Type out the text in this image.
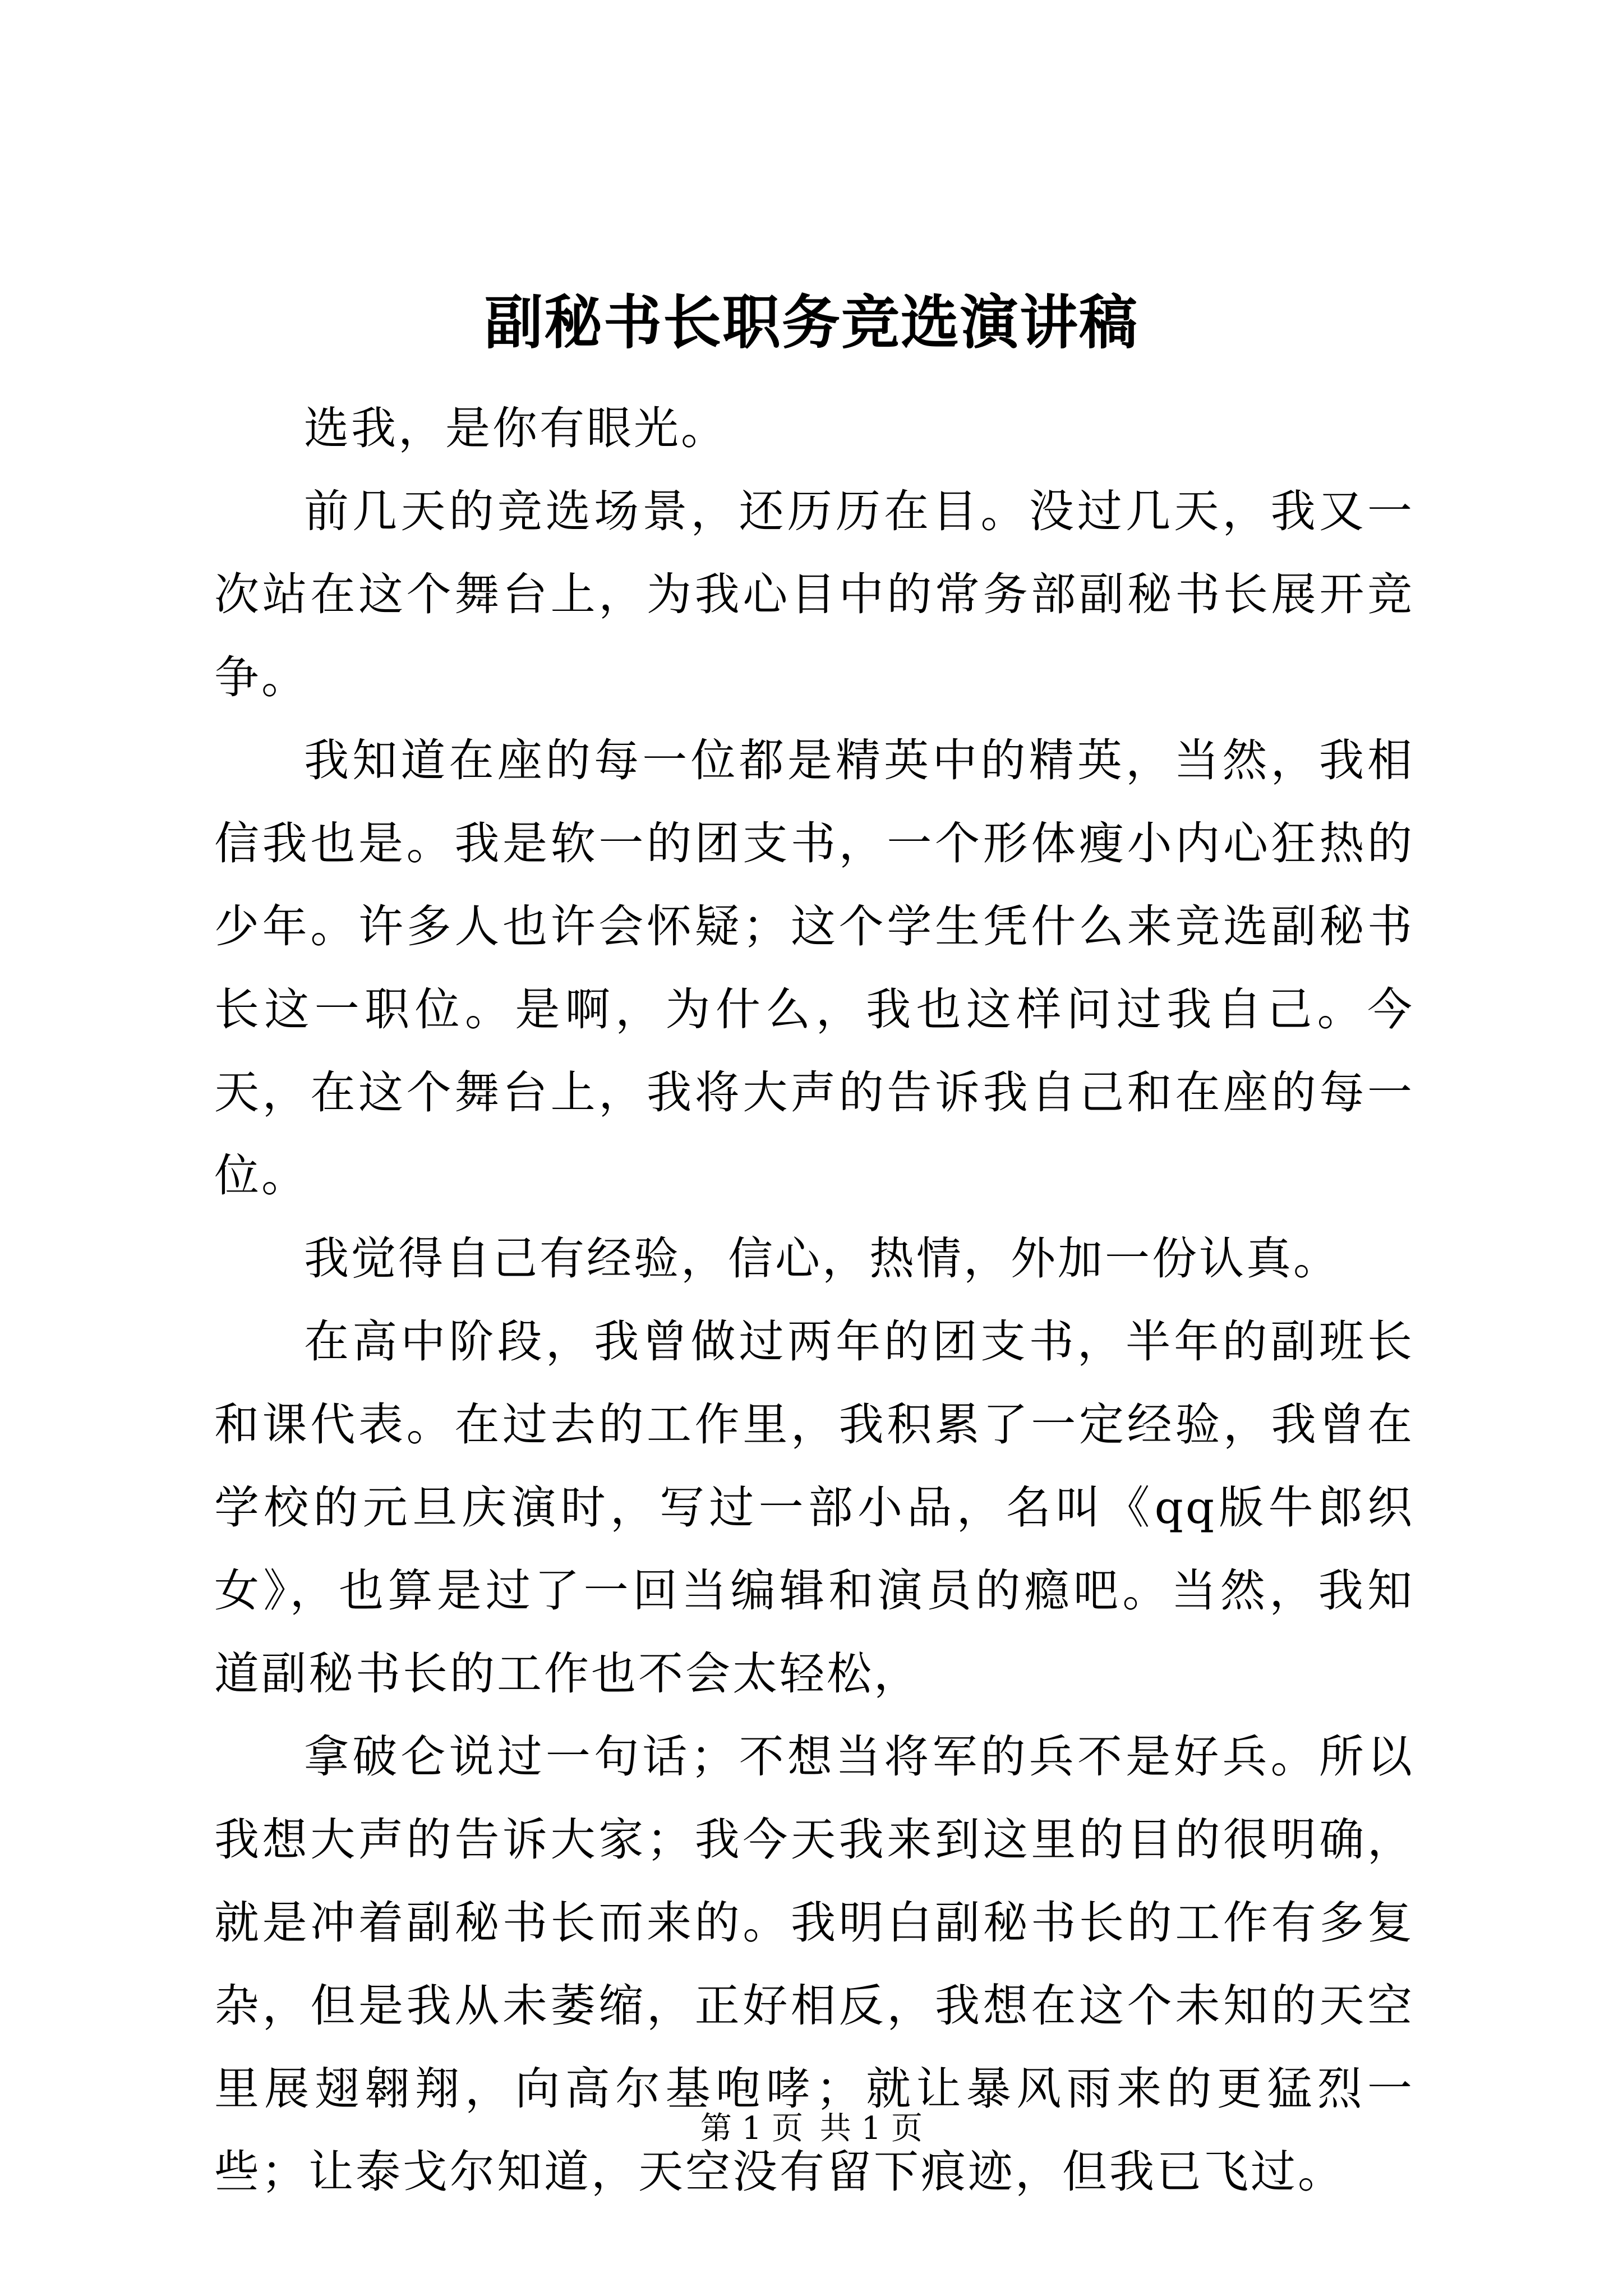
副秘书长职务竞选演讲稿

选我，是你有眼光。

前几天的竞选场景，还历历在目。没过几天，我又一次站在这个舞台上，为我心目中的常务部副秘书长展开竞争。

我知道在座的每一位都是精英中的精英，当然，我相信我也是。我是软一的团支书，一个形体瘦小内心狂热的少年。许多人也许会怀疑；这个学生凭什么来竞选副秘书长这一职位。是啊，为什么，我也这样问过我自己。今天，在这个舞台上，我将大声的告诉我自己和在座的每一位。

我觉得自己有经验，信心，热情，外加一份认真。

在高中阶段，我曾做过两年的团支书，半年的副班长和课代表。在过去的工作里，我积累了一定经验，我曾在学校的元旦庆演时，写过一部小品，名叫《qq版牛郎织女》，也算是过了一回当编辑和演员的瘾吧。当然，我知道副秘书长的工作也不会太轻松，

拿破仑说过一句话；不想当将军的兵不是好兵。所以我想大声的告诉大家；我今天我来到这里的目的很明确，就是冲着副秘书长而来的。我明白副秘书长的工作有多复杂，但是我从未萎缩，正好相反，我想在这个未知的天空里展翅翱翔，向高尔基咆哮；就让暴风雨来的更猛烈一些；让泰戈尔知道，天空没有留下痕迹，但我已飞过。

第 1 页 共 1 页
